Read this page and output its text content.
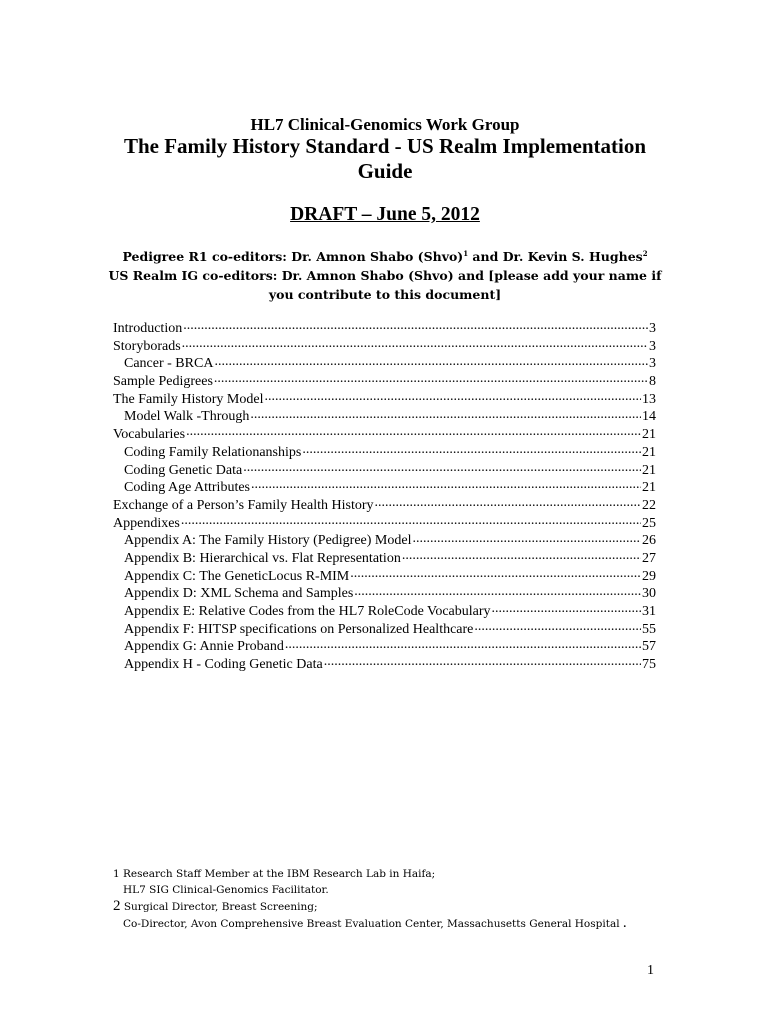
HL7 Clinical-Genomics Work Group
The Family History Standard - US Realm Implementation Guide
DRAFT – June 5, 2012
Pedigree R1 co-editors: Dr. Amnon Shabo (Shvo)$^1$ and Dr. Kevin S. Hughes$^2$
US Realm IG co-editors: Dr. Amnon Shabo (Shvo) and [please add your name if you contribute to this document]
Introduction .....	3
Storyborads .....	3
Cancer - BRCA .....	3
Sample Pedigrees .....	8
The Family History Model .....	13
Model Walk -Through .....	14
Vocabularies .....	21
Coding Family Relationanships .....	21
Coding Genetic Data .....	21
Coding Age Attributes .....	21
Exchange of a Person’s Family Health History .....	22
Appendixes .....	25
Appendix A: The Family History (Pedigree) Model .....	26
Appendix B: Hierarchical vs. Flat Representation .....	27
Appendix C: The GeneticLocus R-MIM .....	29
Appendix D: XML Schema and Samples .....	30
Appendix E: Relative Codes from the HL7 RoleCode Vocabulary .....	31
Appendix F: HITSP specifications on Personalized Healthcare .....	55
Appendix G: Annie Proband .....	57
Appendix H - Coding Genetic Data .....	75
1 Research Staff Member at the IBM Research Lab in Haifa;
HL7 SIG Clinical-Genomics Facilitator.
2 Surgical Director, Breast Screening;
Co-Director, Avon Comprehensive Breast Evaluation Center, Massachusetts General Hospital .
1
